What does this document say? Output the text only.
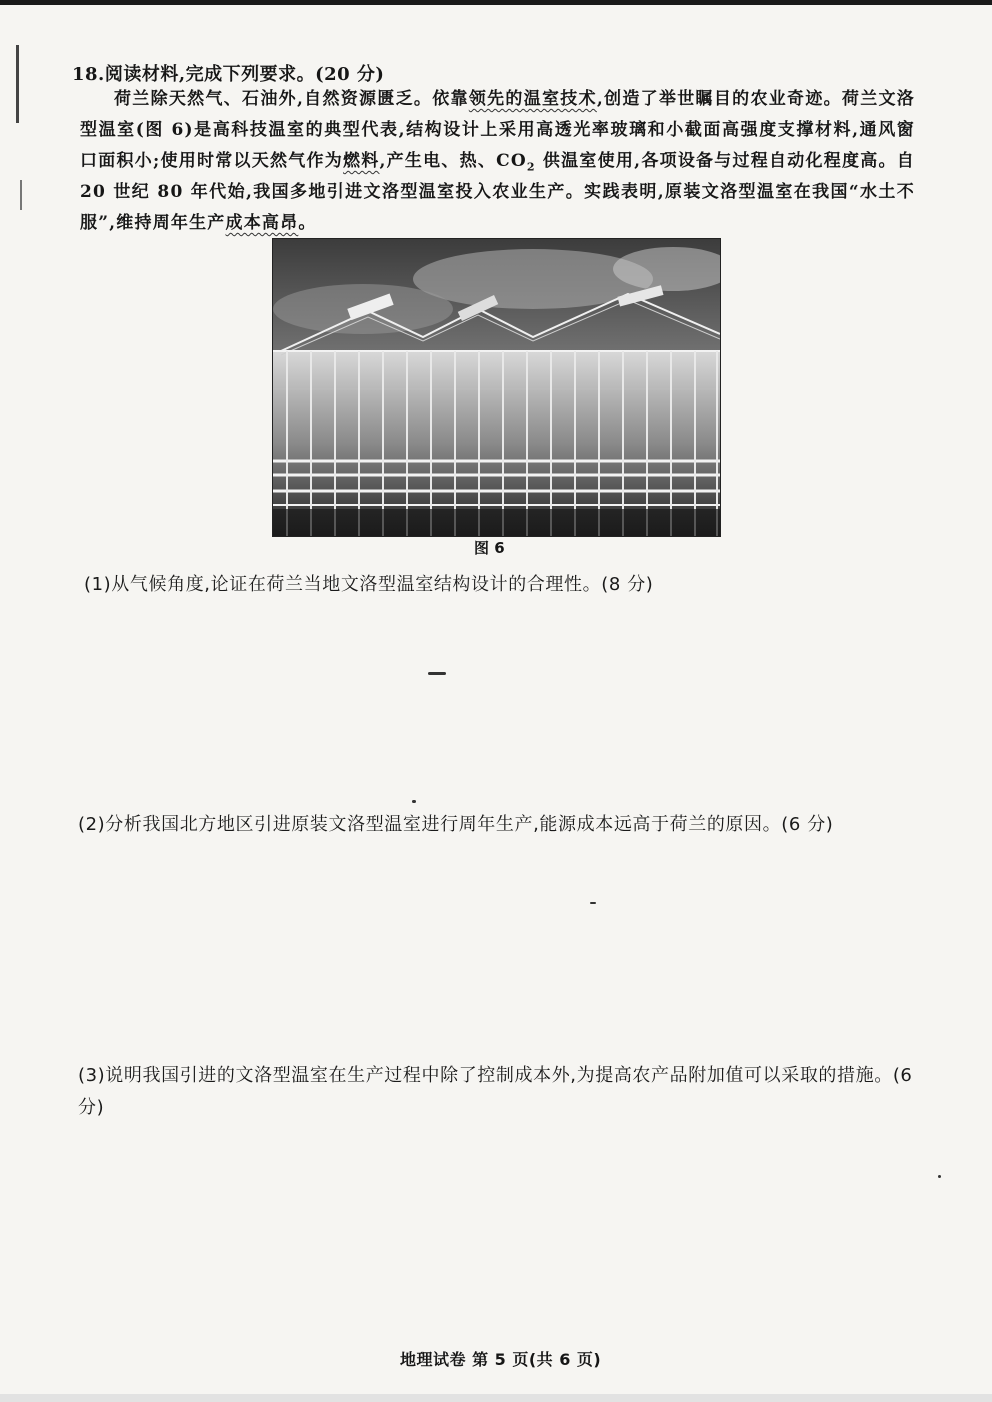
18.阅读材料,完成下列要求。(20 分)
荷兰除天然气、石油外,自然资源匮乏。依靠领先的温室技术,创造了举世瞩目的农业奇迹。荷兰文洛型温室(图 6)是高科技温室的典型代表,结构设计上采用高透光率玻璃和小截面高强度支撑材料,通风窗口面积小;使用时常以天然气作为燃料,产生电、热、$CO_2$ 供温室使用,各项设备与过程自动化程度高。自 20 世纪 80 年代始,我国多地引进文洛型温室投入农业生产。实践表明,原装文洛型温室在我国“水土不服”,维持周年生产成本高昂。
图 6
(1)从气候角度,论证在荷兰当地文洛型温室结构设计的合理性。(8 分)
(2)分析我国北方地区引进原装文洛型温室进行周年生产,能源成本远高于荷兰的原因。(6 分)
(3)说明我国引进的文洛型温室在生产过程中除了控制成本外,为提高农产品附加值可以采取的措施。(6 分)
地理试卷 第 5 页(共 6 页)
